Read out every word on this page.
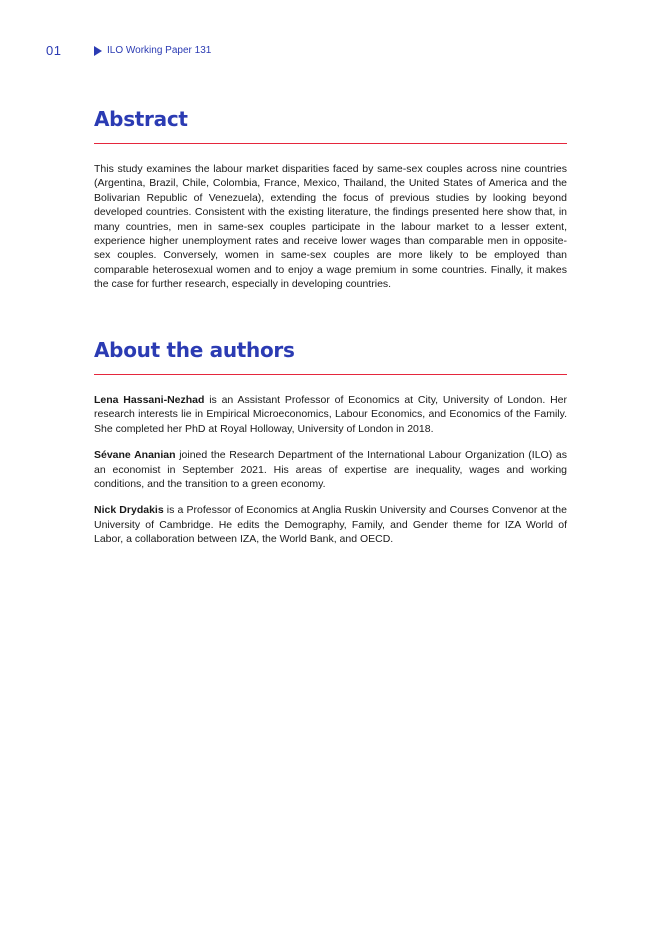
01	ILO Working Paper 131
Abstract

This study examines the labour market disparities faced by same-sex couples across nine countries (Argentina, Brazil, Chile, Colombia, France, Mexico, Thailand, the United States of America and the Bolivarian Republic of Venezuela), extending the focus of previous studies by looking beyond developed countries. Consistent with the existing literature, the findings presented here show that, in many countries, men in same-sex couples participate in the labour market to a lesser extent, experience higher unemployment rates and receive lower wages than comparable men in opposite-sex couples. Conversely, women in same-sex couples are more likely to be employed than comparable heterosexual women and to enjoy a wage premium in some countries. Finally, it makes the case for further research, especially in developing countries.

About the authors

Lena Hassani-Nezhad is an Assistant Professor of Economics at City, University of London. Her research interests lie in Empirical Microeconomics, Labour Economics, and Economics of the Family. She completed her PhD at Royal Holloway, University of London in 2018.

Sévane Ananian joined the Research Department of the International Labour Organization (ILO) as an economist in September 2021. His areas of expertise are inequality, wages and working conditions, and the transition to a green economy.

Nick Drydakis is a Professor of Economics at Anglia Ruskin University and Courses Convenor at the University of Cambridge. He edits the Demography, Family, and Gender theme for IZA World of Labor, a collaboration between IZA, the World Bank, and OECD.
